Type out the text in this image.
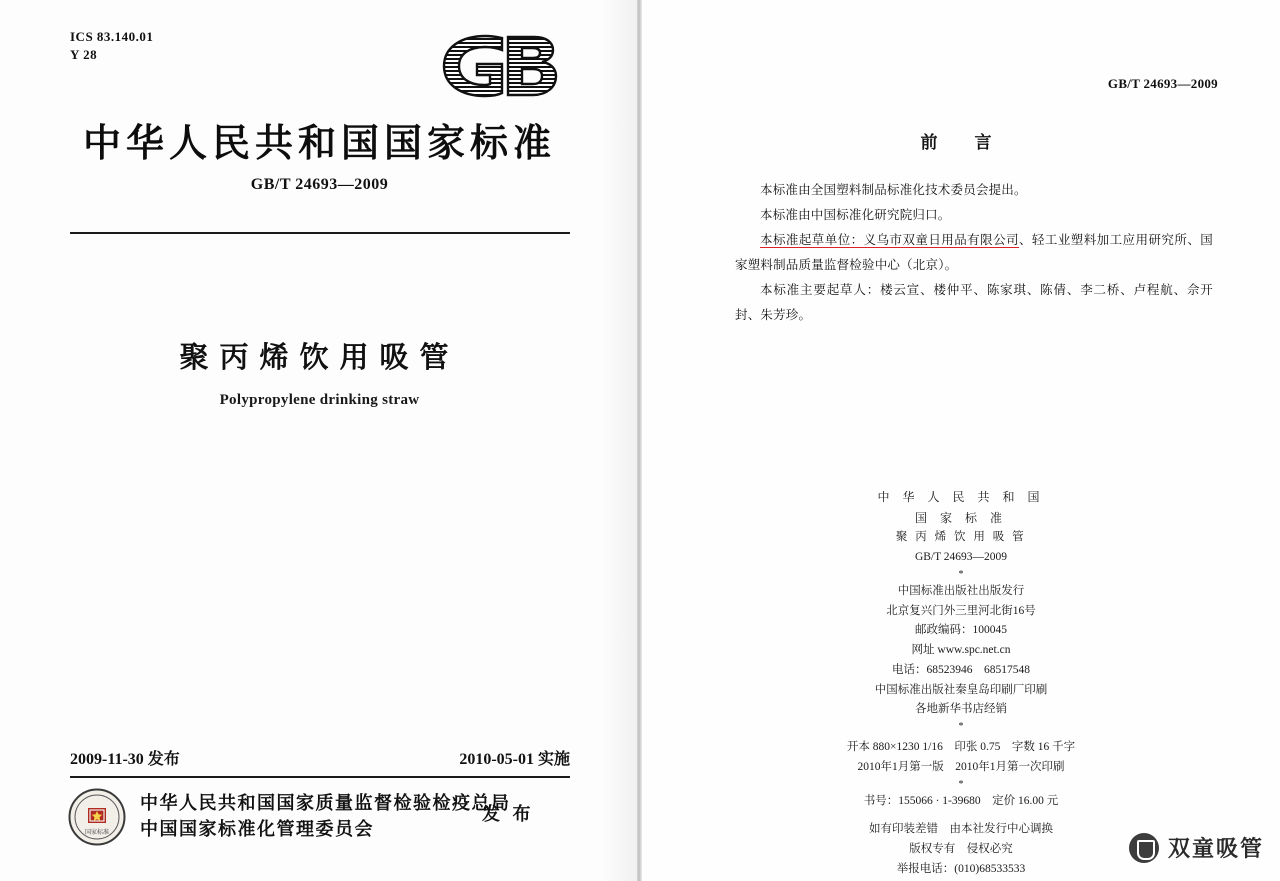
ICS 83.140.01
Y 28
中华人民共和国国家标准
GB/T 24693—2009
聚丙烯饮用吸管
Polypropylene drinking straw
2009-11-30 发布	2010-05-01 实施
国家标准
中华人民共和国国家质量监督检验检疫总局
中国国家标准化管理委员会
发 布
GB/T 24693—2009
前　言

本标准由全国塑料制品标准化技术委员会提出。

本标准由中国标准化研究院归口。

本标准起草单位：义乌市双童日用品有限公司、轻工业塑料加工应用研究所、国家塑料制品质量监督检验中心（北京）。

本标准主要起草人：楼云宣、楼仲平、陈家琪、陈倩、李二桥、卢程航、佘开封、朱芳珍。

中 华 人 民 共 和 国
国 家 标 准
聚 丙 烯 饮 用 吸 管
GB/T 24693—2009
*
中国标准出版社出版发行
北京复兴门外三里河北街16号
邮政编码：100045
网址 www.spc.net.cn
电话：68523946　68517548
中国标准出版社秦皇岛印刷厂印刷
各地新华书店经销
*
开本 880×1230 1/16　印张 0.75　字数 16 千字
2010年1月第一版　2010年1月第一次印刷
*
书号：155066 · 1-39680　定价 16.00 元
如有印装差错　由本社发行中心调换
版权专有　侵权必究
举报电话：(010)68533533
双童吸管
